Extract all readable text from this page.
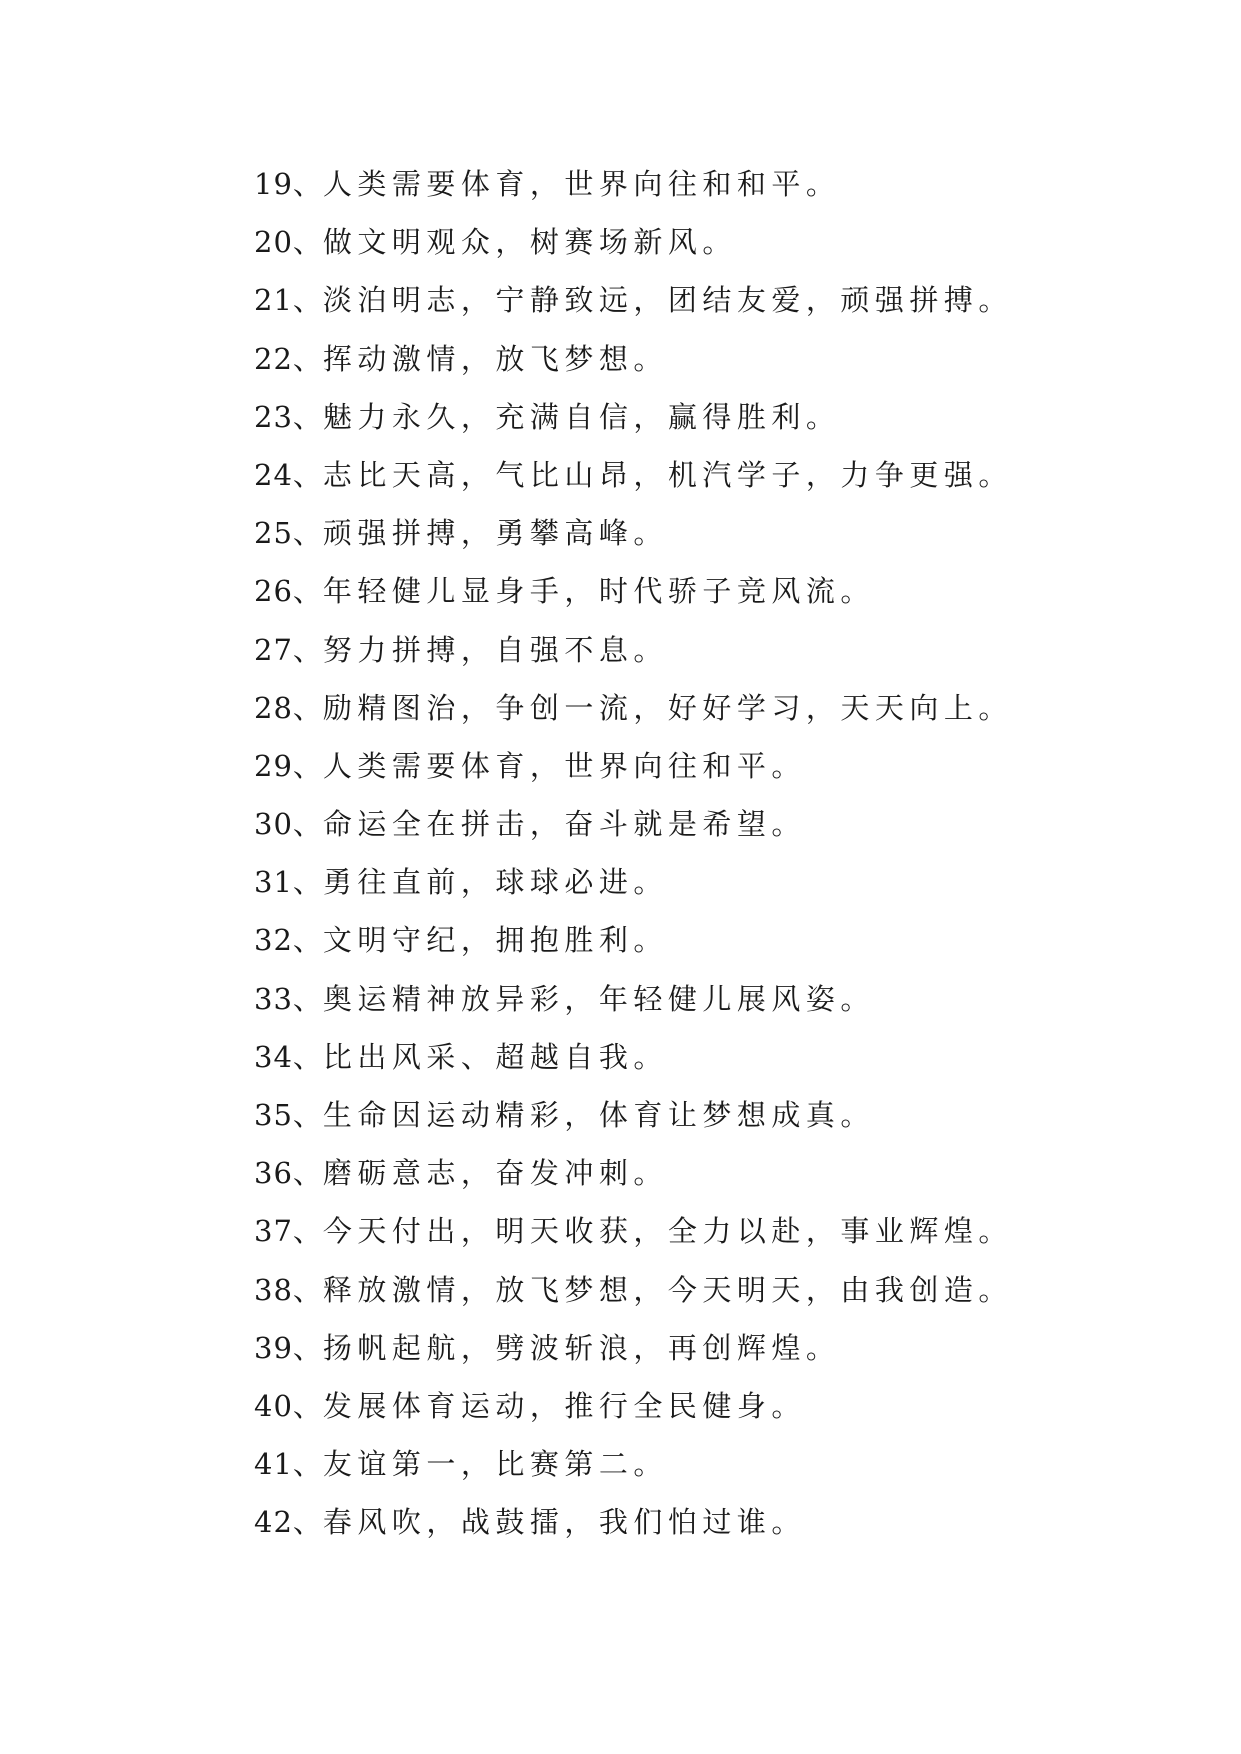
19、人类需要体育，世界向往和和平。
20、做文明观众，树赛场新风。
21、淡泊明志，宁静致远，团结友爱，顽强拼搏。
22、挥动激情，放飞梦想。
23、魅力永久，充满自信，赢得胜利。
24、志比天高，气比山昂，机汽学子，力争更强。
25、顽强拼搏，勇攀高峰。
26、年轻健儿显身手，时代骄子竞风流。
27、努力拼搏，自强不息。
28、励精图治，争创一流，好好学习，天天向上。
29、人类需要体育，世界向往和平。
30、命运全在拼击，奋斗就是希望。
31、勇往直前，球球必进。
32、文明守纪，拥抱胜利。
33、奥运精神放异彩，年轻健儿展风姿。
34、比出风采、超越自我。
35、生命因运动精彩，体育让梦想成真。
36、磨砺意志，奋发冲刺。
37、今天付出，明天收获，全力以赴，事业辉煌。
38、释放激情，放飞梦想，今天明天，由我创造。
39、扬帆起航，劈波斩浪，再创辉煌。
40、发展体育运动，推行全民健身。
41、友谊第一，比赛第二。
42、春风吹，战鼓擂，我们怕过谁。
